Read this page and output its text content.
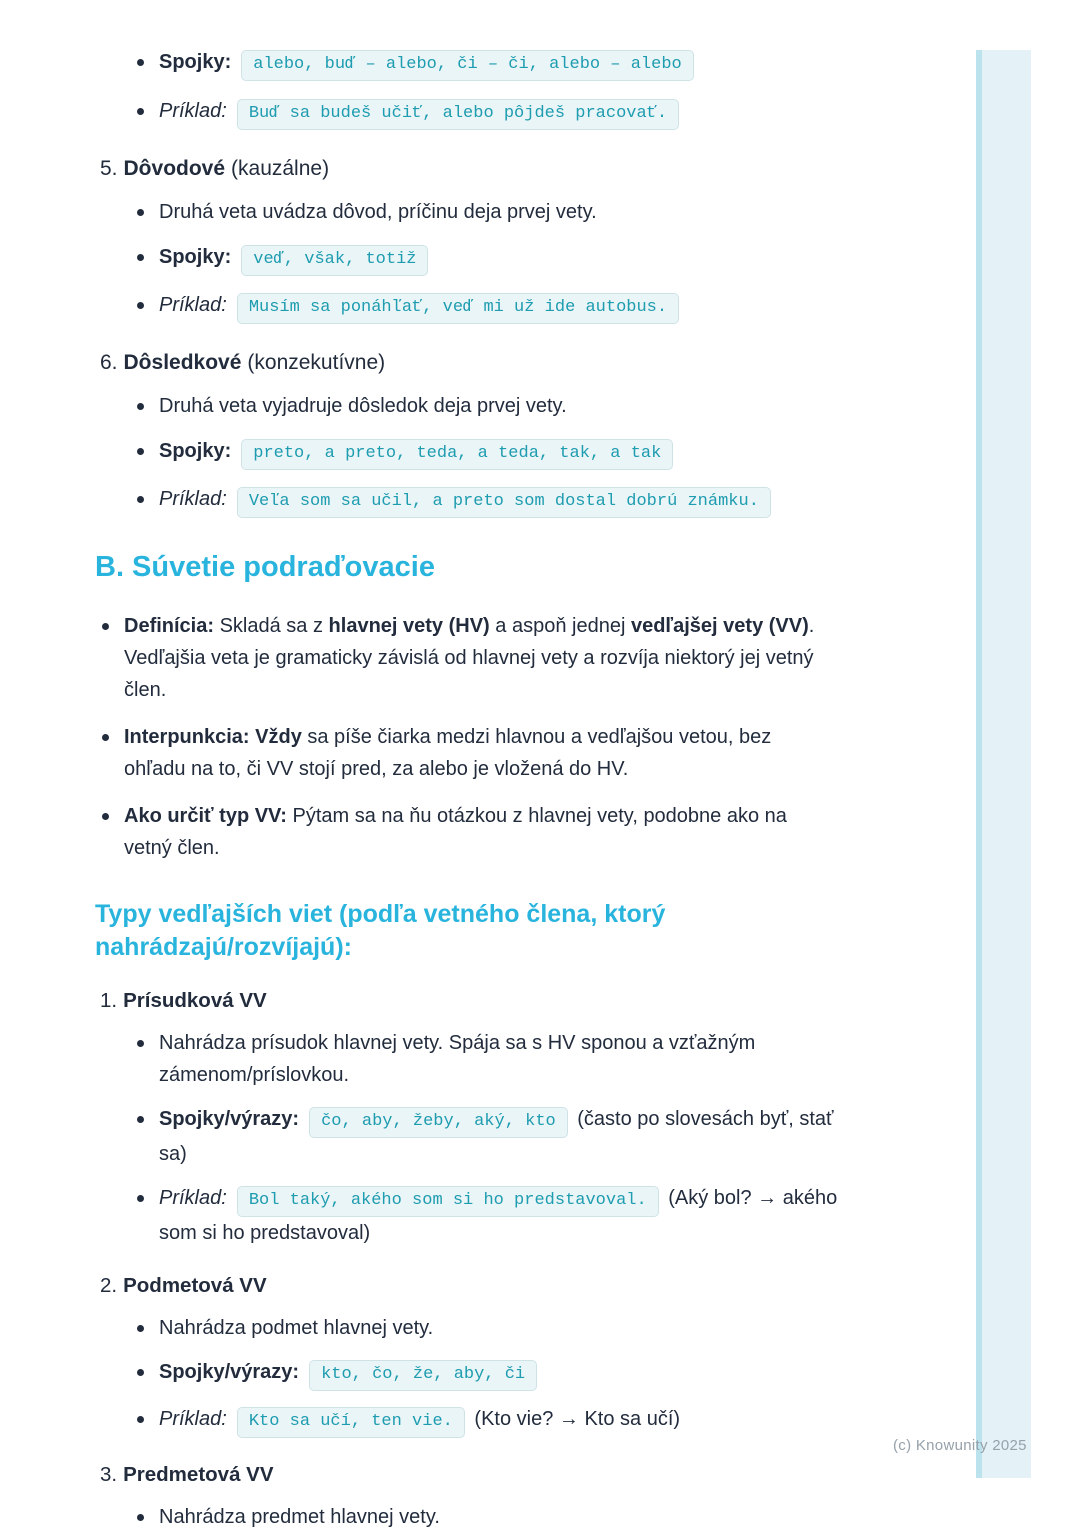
Spojky: alebo, buď – alebo, či – či, alebo – alebo
Príklad: Buď sa budeš učiť, alebo pôjdeš pracovať.
5. Dôvodové (kauzálne)
Druhá veta uvádza dôvod, príčinu deja prvej vety.
Spojky: veď, však, totiž
Príklad: Musím sa ponáhľať, veď mi už ide autobus.
6. Dôsledkové (konzekutívne)
Druhá veta vyjadruje dôsledok deja prvej vety.
Spojky: preto, a preto, teda, a teda, tak, a tak
Príklad: Veľa som sa učil, a preto som dostal dobrú známku.
B. Súvetie podraďovacie
Definícia: Skladá sa z hlavnej vety (HV) a aspoň jednej vedľajšej vety (VV). Vedľajšia veta je gramaticky závislá od hlavnej vety a rozvíja niektorý jej vetný člen.
Interpunkcia: Vždy sa píše čiarka medzi hlavnou a vedľajšou vetou, bez ohľadu na to, či VV stojí pred, za alebo je vložená do HV.
Ako určiť typ VV: Pýtam sa na ňu otázkou z hlavnej vety, podobne ako na vetný člen.
Typy vedľajších viet (podľa vetného člena, ktorý nahrádzajú/rozvíjajú):
1. Prísudková VV
Nahrádza prísudok hlavnej vety. Spája sa s HV sponou a vzťažným zámenom/príslovkou.
Spojky/výrazy: čo, aby, žeby, aký, kto (často po slovesách byť, stať sa)
Príklad: Bol taký, akého som si ho predstavoval. (Aký bol? → akého som si ho predstavoval)
2. Podmetová VV
Nahrádza podmet hlavnej vety.
Spojky/výrazy: kto, čo, že, aby, či
Príklad: Kto sa učí, ten vie. (Kto vie? → Kto sa učí)
3. Predmetová VV
Nahrádza predmet hlavnej vety.
(c) Knowunity 2025
